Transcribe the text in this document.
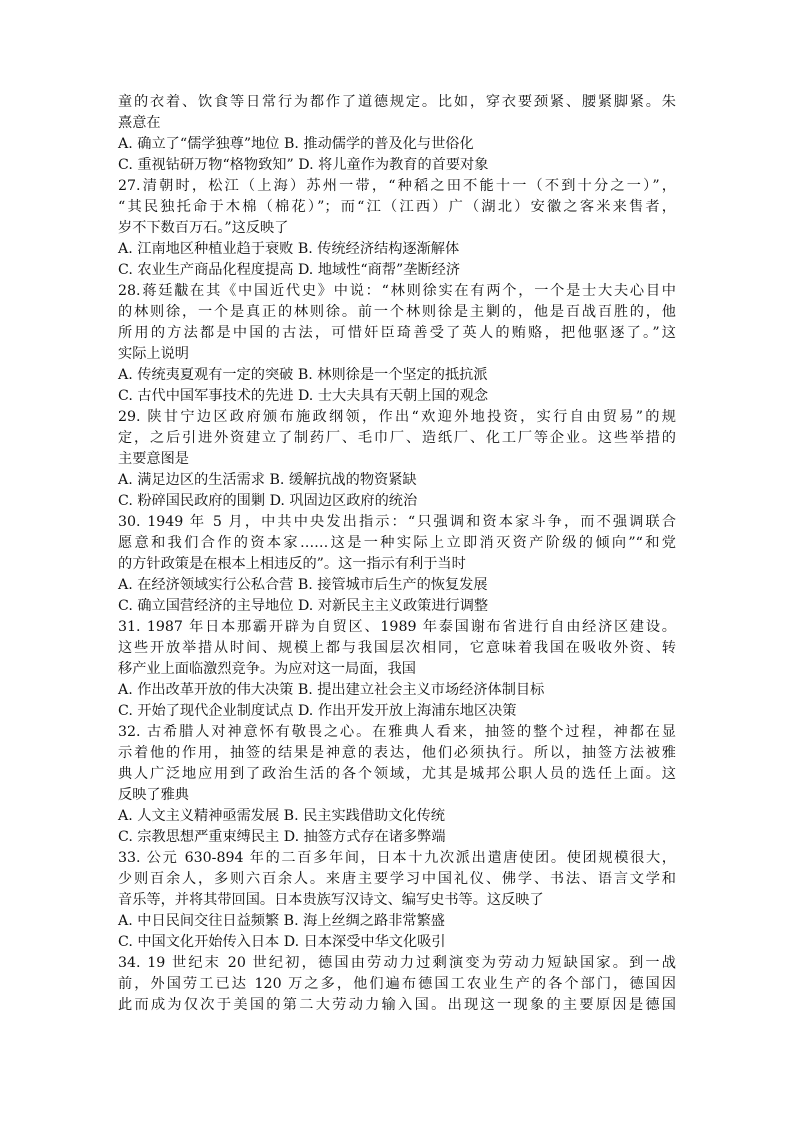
童的衣着、饮食等日常行为都作了道德规定。比如，穿衣要颈紧、腰紧脚紧。朱
熹意在
A. 确立了“儒学独尊”地位 B. 推动儒学的普及化与世俗化
C. 重视钻研万物“格物致知” D. 将儿童作为教育的首要对象
27.清朝时，松江（上海）苏州一带，“种稻之田不能十一（不到十分之一）”，
“其民独托命于木棉（棉花）”；而“江（江西）广（湖北）安徽之客米来售者，
岁不下数百万石。”这反映了
A. 江南地区种植业趋于衰败 B. 传统经济结构逐渐解体
C. 农业生产商品化程度提高 D. 地域性“商帮”垄断经济
28.蒋廷黻在其《中国近代史》中说：“林则徐实在有两个，一个是士大夫心目中
的林则徐，一个是真正的林则徐。前一个林则徐是主剿的，他是百战百胜的，他
所用的方法都是中国的古法，可惜奸臣琦善受了英人的贿赂，把他驱逐了。”这
实际上说明
A. 传统夷夏观有一定的突破 B. 林则徐是一个坚定的抵抗派
C. 古代中国军事技术的先进 D. 士大夫具有天朝上国的观念
29. 陕甘宁边区政府颁布施政纲领，作出“欢迎外地投资，实行自由贸易”的规
定，之后引进外资建立了制药厂、毛巾厂、造纸厂、化工厂等企业。这些举措的
主要意图是
A. 满足边区的生活需求 B. 缓解抗战的物资紧缺
C. 粉碎国民政府的围剿 D. 巩固边区政府的统治
30. 1949 年 5 月，中共中央发出指示：“只强调和资本家斗争，而不强调联合
愿意和我们合作的资本家……这是一种实际上立即消灭资产阶级的倾向”“和党
的方针政策是在根本上相违反的”。这一指示有利于当时
A. 在经济领域实行公私合营 B. 接管城市后生产的恢复发展
C. 确立国营经济的主导地位 D. 对新民主主义政策进行调整
31. 1987 年日本那霸开辟为自贸区、1989 年泰国谢布省进行自由经济区建设。
这些开放举措从时间、规模上都与我国层次相同，它意味着我国在吸收外资、转
移产业上面临激烈竞争。为应对这一局面，我国
A. 作出改革开放的伟大决策 B. 提出建立社会主义市场经济体制目标
C. 开始了现代企业制度试点 D. 作出开发开放上海浦东地区决策
32. 古希腊人对神意怀有敬畏之心。在雅典人看来，抽签的整个过程，神都在显
示着他的作用，抽签的结果是神意的表达，他们必须执行。所以，抽签方法被雅
典人广泛地应用到了政治生活的各个领域，尤其是城邦公职人员的选任上面。这
反映了雅典
A. 人文主义精神亟需发展 B. 民主实践借助文化传统
C. 宗教思想严重束缚民主 D. 抽签方式存在诸多弊端
33. 公元 630-894 年的二百多年间，日本十九次派出遣唐使团。使团规模很大，
少则百余人，多则六百余人。来唐主要学习中国礼仪、佛学、书法、语言文学和
音乐等，并将其带回国。日本贵族写汉诗文、编写史书等。这反映了
A. 中日民间交往日益频繁 B. 海上丝绸之路非常繁盛
C. 中国文化开始传入日本 D. 日本深受中华文化吸引
34. 19 世纪末 20 世纪初，德国由劳动力过剩演变为劳动力短缺国家。到一战
前，外国劳工已达 120 万之多，他们遍布德国工农业生产的各个部门，德国因
此而成为仅次于美国的第二大劳动力输入国。出现这一现象的主要原因是德国
